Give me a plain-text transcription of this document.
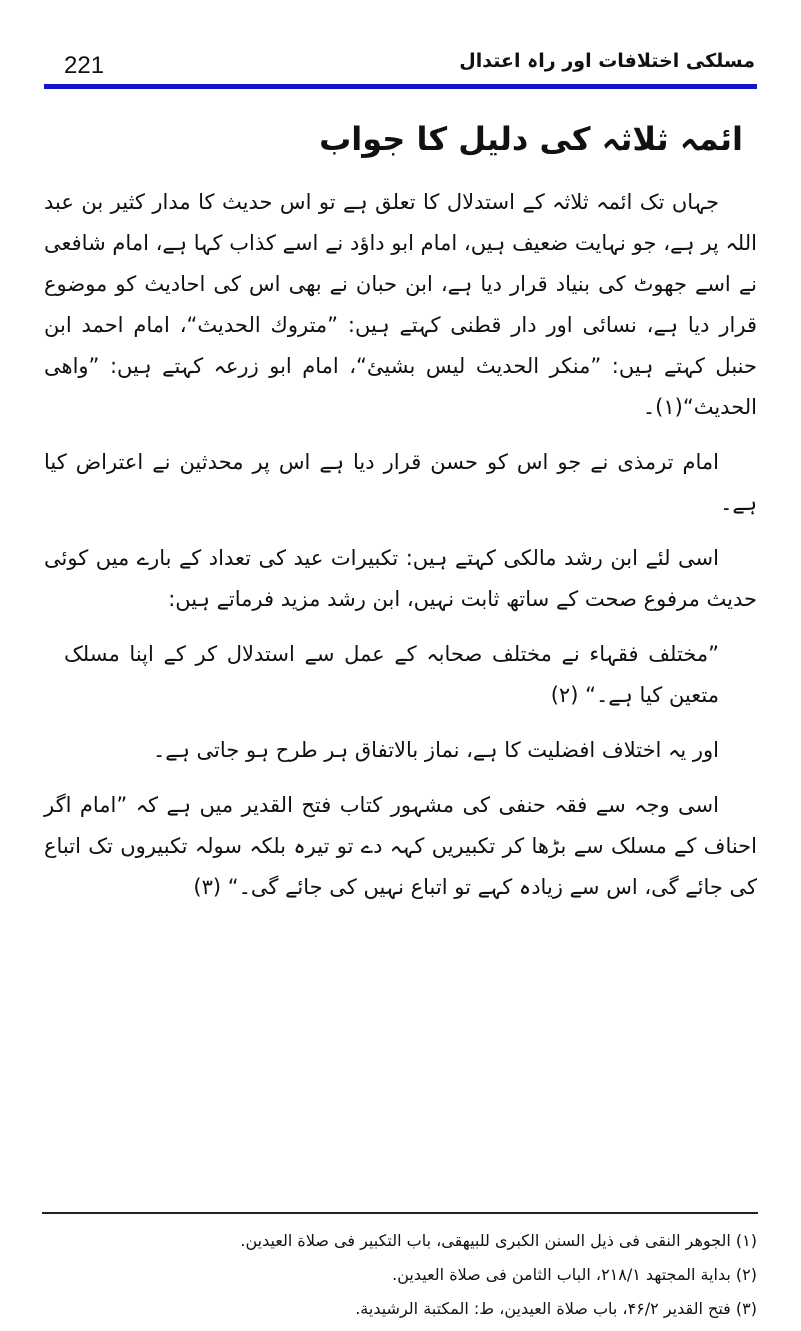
221	مسلکی اختلافات اور راہ اعتدال
ائمہ ثلاثہ کی دلیل کا جواب

جہاں تک ائمہ ثلاثہ کے استدلال کا تعلق ہے تو اس حدیث کا مدار کثیر بن عبد اللہ پر ہے، جو نہایت ضعیف ہیں، امام ابو داؤد نے اسے کذاب کہا ہے، امام شافعی نے اسے جھوٹ کی بنیاد قرار دیا ہے، ابن حبان نے بھی اس کی احادیث کو موضوع قرار دیا ہے، نسائی اور دار قطنی کہتے ہیں: ”متروك الحديث“، امام احمد ابن حنبل کہتے ہیں: ”منكر الحديث ليس بشيئ“، امام ابو زرعہ کہتے ہیں: ”واهی الحديث“(۱)۔

امام ترمذی نے جو اس کو حسن قرار دیا ہے اس پر محدثین نے اعتراض کیا ہے۔

اسی لئے ابن رشد مالکی کہتے ہیں: تکبیرات عید کی تعداد کے بارے میں کوئی حدیث مرفوع صحت کے ساتھ ثابت نہیں، ابن رشد مزید فرماتے ہیں:

”مختلف فقہاء نے مختلف صحابہ کے عمل سے استدلال کر کے اپنا مسلک متعین کیا ہے۔“ (۲)

اور یہ اختلاف افضلیت کا ہے، نماز بالاتفاق ہر طرح ہو جاتی ہے۔

اسی وجہ سے فقہ حنفی کی مشہور کتاب فتح القدیر میں ہے کہ ”امام اگر احناف کے مسلک سے بڑھا کر تکبیریں کہہ دے تو تیرہ بلکہ سولہ تکبیروں تک اتباع کی جائے گی، اس سے زیادہ کہے تو اتباع نہیں کی جائے گی۔“ (۳)

(۱) الجوهر النقى فى ذيل السنن الكبرى للبيهقى، باب التكبير فى صلاة العيدين.
(۲) بداية المجتهد ۲۱۸/۱، الباب الثامن فى صلاة العيدين.
(۳) فتح القدير ۴۶/۲، باب صلاة العيدين، ط: المكتبة الرشيدية.
